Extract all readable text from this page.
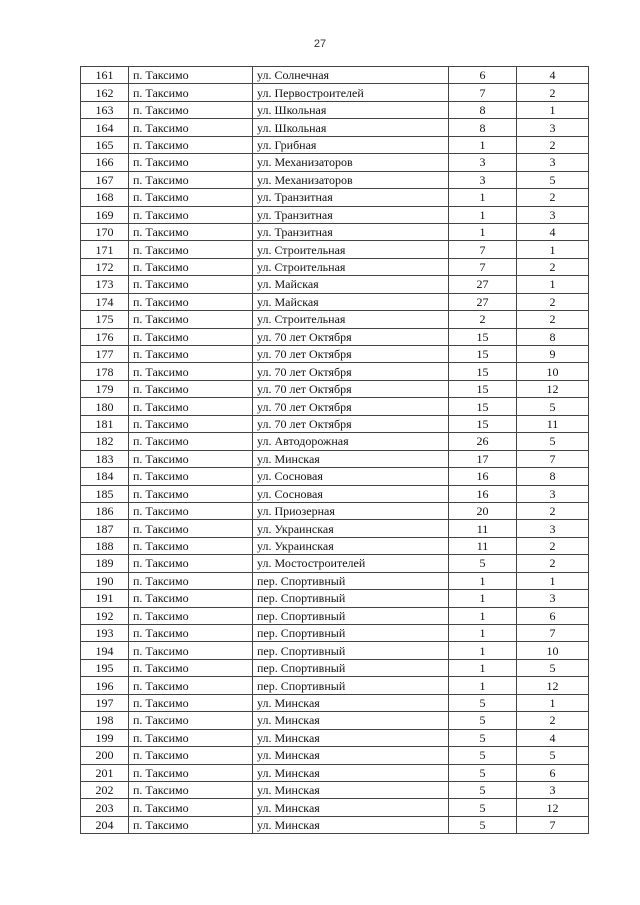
27
161	п. Таксимо	ул. Солнечная	6	4
162	п. Таксимо	ул. Первостроителей	7	2
163	п. Таксимо	ул. Школьная	8	1
164	п. Таксимо	ул. Школьная	8	3
165	п. Таксимо	ул. Грибная	1	2
166	п. Таксимо	ул. Механизаторов	3	3
167	п. Таксимо	ул. Механизаторов	3	5
168	п. Таксимо	ул. Транзитная	1	2
169	п. Таксимо	ул. Транзитная	1	3
170	п. Таксимо	ул. Транзитная	1	4
171	п. Таксимо	ул. Строительная	7	1
172	п. Таксимо	ул. Строительная	7	2
173	п. Таксимо	ул. Майская	27	1
174	п. Таксимо	ул. Майская	27	2
175	п. Таксимо	ул. Строительная	2	2
176	п. Таксимо	ул. 70 лет Октября	15	8
177	п. Таксимо	ул. 70 лет Октября	15	9
178	п. Таксимо	ул. 70 лет Октября	15	10
179	п. Таксимо	ул. 70 лет Октября	15	12
180	п. Таксимо	ул. 70 лет Октября	15	5
181	п. Таксимо	ул. 70 лет Октября	15	11
182	п. Таксимо	ул. Автодорожная	26	5
183	п. Таксимо	ул. Минская	17	7
184	п. Таксимо	ул. Сосновая	16	8
185	п. Таксимо	ул. Сосновая	16	3
186	п. Таксимо	ул. Приозерная	20	2
187	п. Таксимо	ул. Украинская	11	3
188	п. Таксимо	ул. Украинская	11	2
189	п. Таксимо	ул. Мостостроителей	5	2
190	п. Таксимо	пер. Спортивный	1	1
191	п. Таксимо	пер. Спортивный	1	3
192	п. Таксимо	пер. Спортивный	1	6
193	п. Таксимо	пер. Спортивный	1	7
194	п. Таксимо	пер. Спортивный	1	10
195	п. Таксимо	пер. Спортивный	1	5
196	п. Таксимо	пер. Спортивный	1	12
197	п. Таксимо	ул. Минская	5	1
198	п. Таксимо	ул. Минская	5	2
199	п. Таксимо	ул. Минская	5	4
200	п. Таксимо	ул. Минская	5	5
201	п. Таксимо	ул. Минская	5	6
202	п. Таксимо	ул. Минская	5	3
203	п. Таксимо	ул. Минская	5	12
204	п. Таксимо	ул. Минская	5	7
